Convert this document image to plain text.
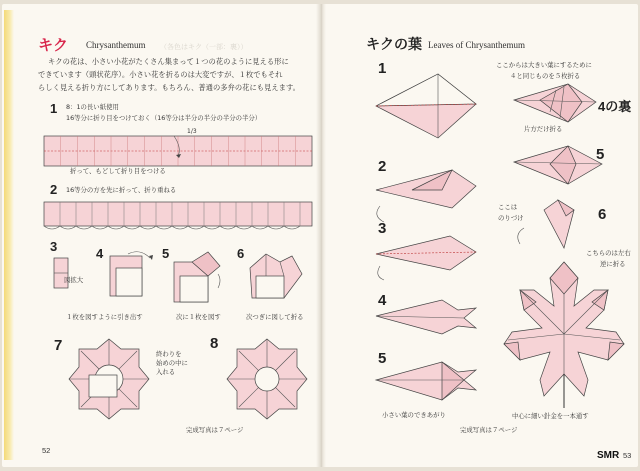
キク Chrysanthemum （各色はキク（一部：裏））
キクの花は、小さい小花がたくさん集まって１つの花のように見える形に
できています（頭状花序）。小さい花を折るのは大変ですが、１枚でもそれ
らしく見える折り方にしてあります。もちろん、普通の多弁の花にも見えます。
1 8：1の長い紙使用
16等分に折り目をつけておく（16等分は半分の半分の半分の半分）
1/3
折って、もどして折り目をつける
2 16等分の方を先に折って、折り重ねる
3
図拡大
4	5	6
１枚を図すように引き出す	次に１枚を図す	次つぎに図して折る
7	終わりを
始めの中に
入れる
8
完成写真は７ページ
52
キクの葉 Leaves of Chrysanthemum
ここからは大きい葉にするために
４と同じものを５枚折る
1
2
3
4
5
小さい葉のできあがり
4の裏
片方だけ折る
5
ここは
のりづけ	6
こちらのは左右
逆に折る
中心に細い針金を一本通す
完成写真は７ページ
SMR 53
